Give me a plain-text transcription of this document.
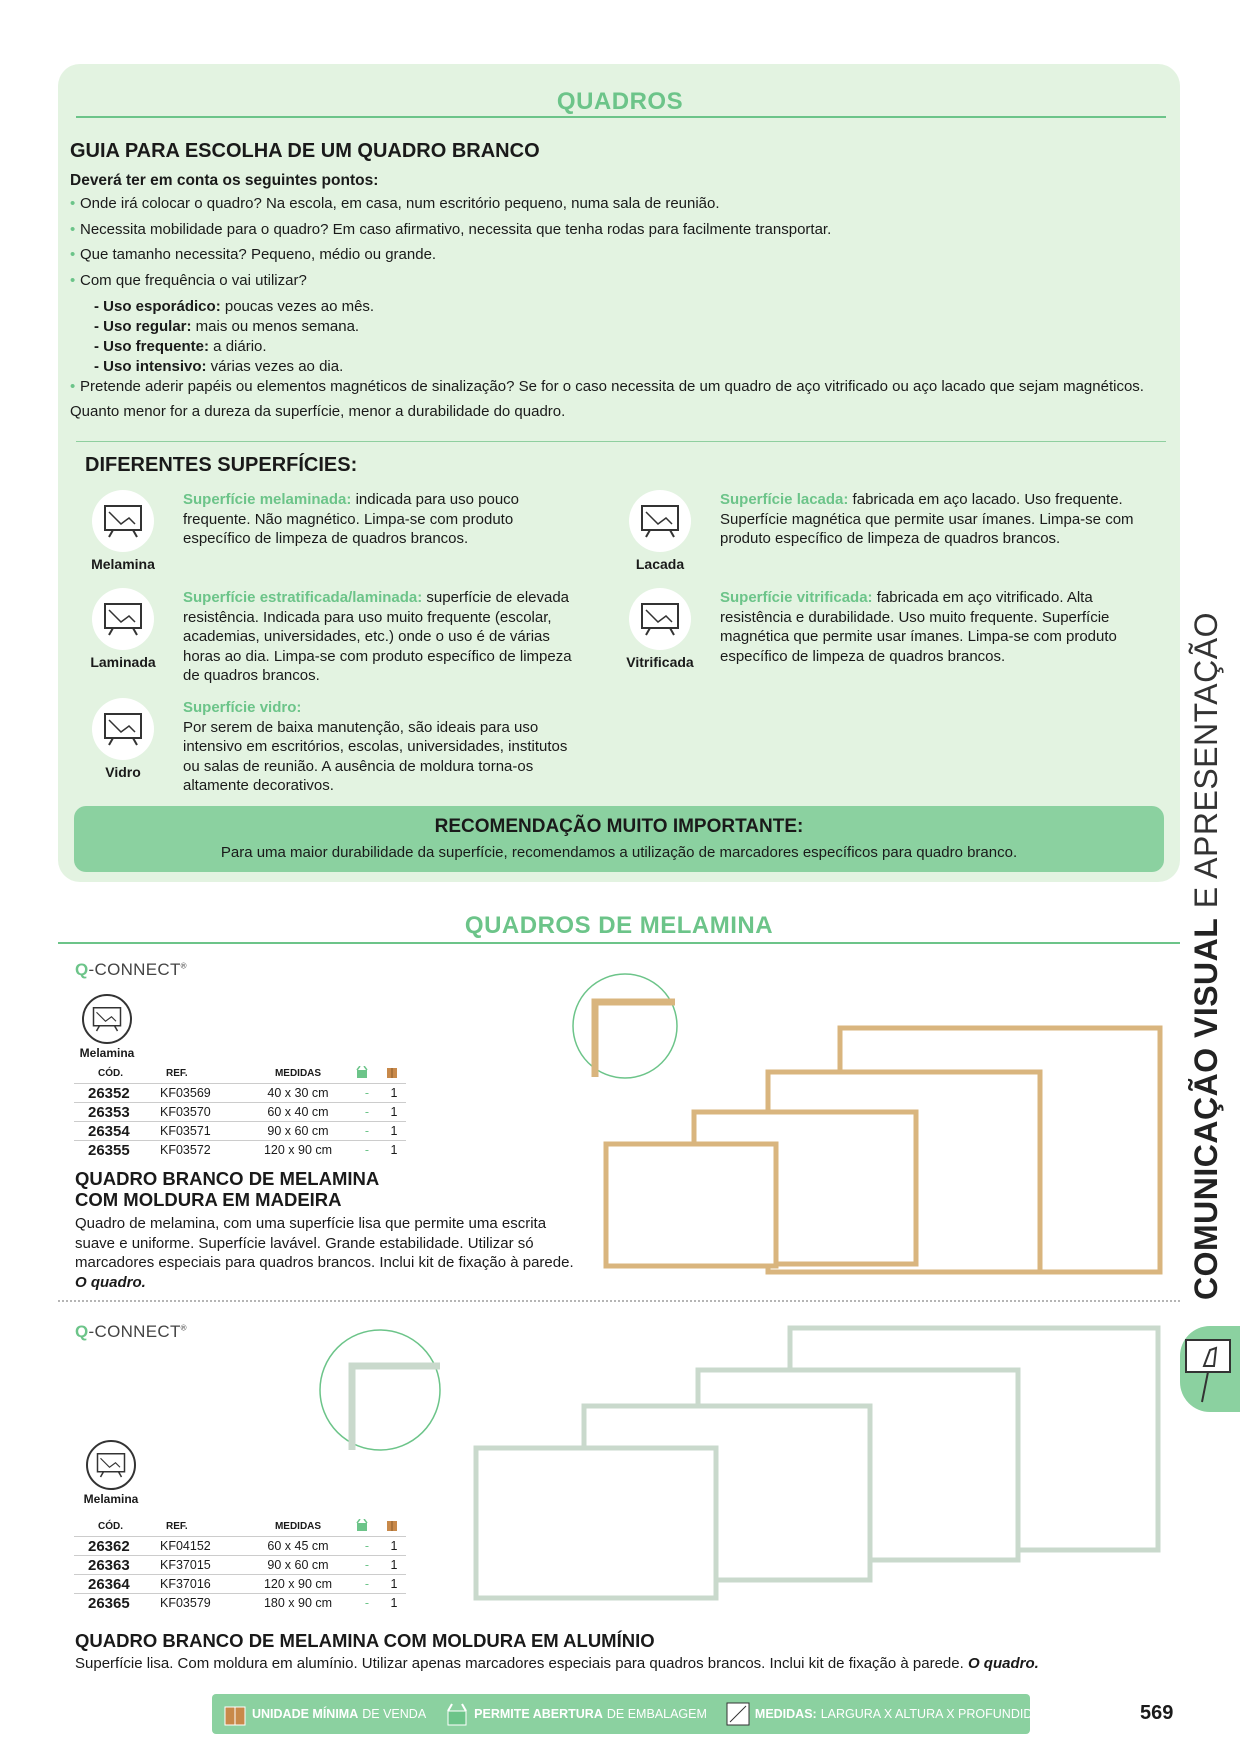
QUADROS
GUIA PARA ESCOLHA DE UM QUADRO BRANCO
Deverá ter em conta os seguintes pontos:
• Onde irá colocar o quadro? Na escola, em casa, num escritório pequeno, numa sala de reunião.
• Necessita mobilidade para o quadro? Em caso afirmativo, necessita que tenha rodas para facilmente transportar.
• Que tamanho necessita? Pequeno, médio ou grande.
• Com que frequência o vai utilizar?
- Uso esporádico: poucas vezes ao mês.
- Uso regular: mais ou menos semana.
- Uso frequente: a diário.
- Uso intensivo: várias vezes ao dia.
• Pretende aderir papéis ou elementos magnéticos de sinalização? Se for o caso necessita de um quadro de aço vitrificado ou aço lacado que sejam magnéticos.
Quanto menor for a dureza da superfície, menor a durabilidade do quadro.
DIFERENTES SUPERFÍCIES:
Melamina
Superfície melaminada: indicada para uso pouco frequente. Não magnético. Limpa-se com produto específico de limpeza de quadros brancos.
Lacada
Superfície lacada: fabricada em aço lacado. Uso frequente. Superfície magnética que permite usar ímanes. Limpa-se com produto específico de limpeza de quadros brancos.
Laminada
Superfície estratificada/laminada: superfície de elevada resistência. Indicada para uso muito frequente (escolar, academias, universidades, etc.) onde o uso é de várias horas ao dia. Limpa-se com produto específico de limpeza de quadros brancos.
Vitrificada
Superfície vitrificada: fabricada em aço vitrificado. Alta resistência e durabilidade. Uso muito frequente. Superfície magnética que permite usar ímanes. Limpa-se com produto específico de limpeza de quadros brancos.
Vidro
Superfície vidro:
Por serem de baixa manutenção, são ideais para uso intensivo em escritórios, escolas, universidades, institutos ou salas de reunião. A ausência de moldura torna-os altamente decorativos.
RECOMENDAÇÃO MUITO IMPORTANTE:
Para uma maior durabilidade da superfície, recomendamos a utilização de marcadores específicos para quadro branco.
QUADROS DE MELAMINA
Q-CONNECT®
Melamina
CÓD.	REF.	MEDIDAS		
26352	KF03569	40 x 30 cm	-	1
26353	KF03570	60 x 40 cm	-	1
26354	KF03571	90 x 60 cm	-	1
26355	KF03572	120 x 90 cm	-	1
QUADRO BRANCO DE MELAMINA
COM MOLDURA EM MADEIRA
Quadro de melamina, com uma superfície lisa que permite uma escrita suave e uniforme. Superfície lavável. Grande estabilidade. Utilizar só marcadores especiais para quadros brancos. Inclui kit de fixação à parede.
O quadro.
Q-CONNECT®
Melamina
CÓD.	REF.	MEDIDAS		
26362	KF04152	60 x 45 cm	-	1
26363	KF37015	90 x 60 cm	-	1
26364	KF37016	120 x 90 cm	-	1
26365	KF03579	180 x 90 cm	-	1
QUADRO BRANCO DE MELAMINA COM MOLDURA EM ALUMÍNIO
Superfície lisa. Com moldura em alumínio. Utilizar apenas marcadores especiais para quadros brancos. Inclui kit de fixação à parede. O quadro.
COMUNICAÇÃO VISUAL E APRESENTAÇÃO
UNIDADE MÍNIMA DE VENDA	PERMITE ABERTURA DE EMBALAGEM	MEDIDAS: LARGURA X ALTURA X PROFUNDIDADE	569
